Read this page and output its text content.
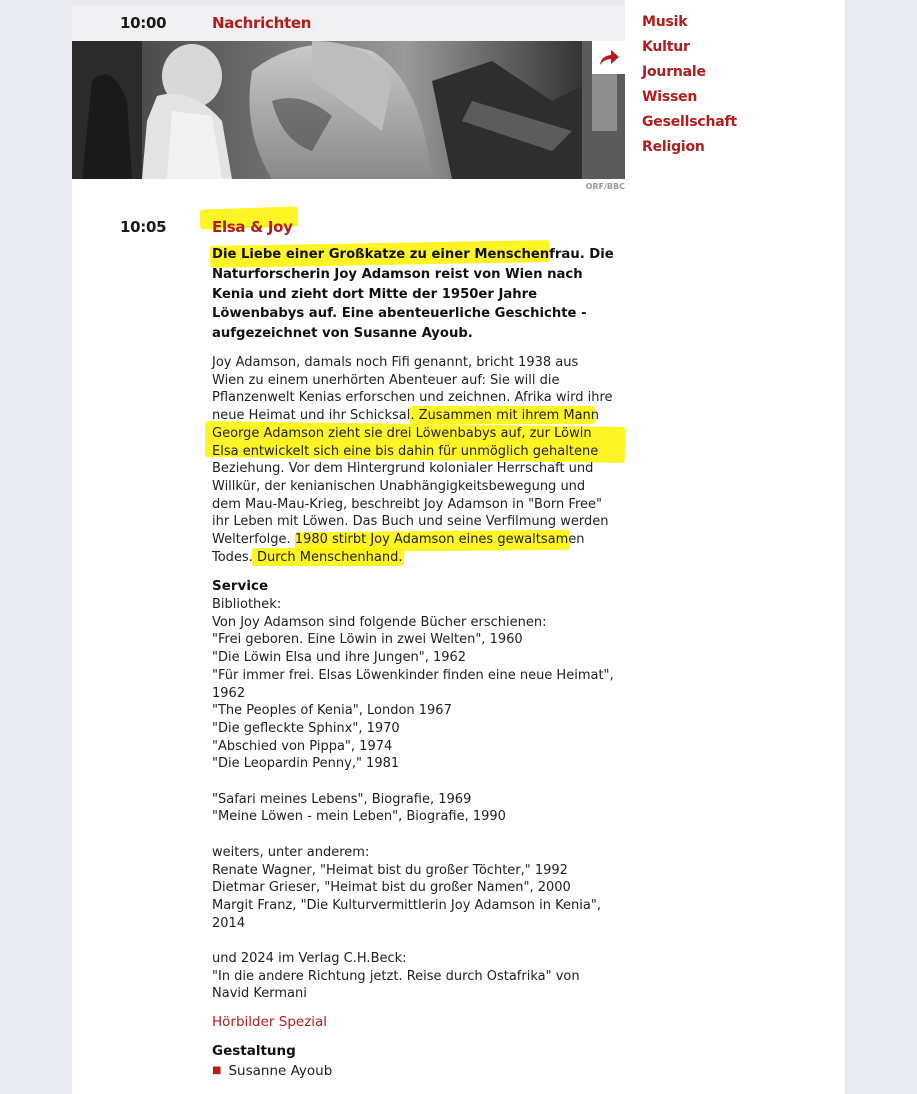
10:00	Nachrichten
ORF/BBC
10:05	Elsa & Joy
Die Liebe einer Großkatze zu einer Menschenfrau. Die Naturforscherin Joy Adamson reist von Wien nach Kenia und zieht dort Mitte der 1950er Jahre Löwenbabys auf. Eine abenteuerliche Geschichte - aufgezeichnet von Susanne Ayoub.
Joy Adamson, damals noch Fifi genannt, bricht 1938 aus
Wien zu einem unerhörten Abenteuer auf: Sie will die
Pflanzenwelt Kenias erforschen und zeichnen. Afrika wird ihre
neue Heimat und ihr Schicksal. Zusammen mit ihrem Mann
George Adamson zieht sie drei Löwenbabys auf, zur Löwin
Elsa entwickelt sich eine bis dahin für unmöglich gehaltene
Beziehung. Vor dem Hintergrund kolonialer Herrschaft und
Willkür, der kenianischen Unabhängigkeitsbewegung und
dem Mau-Mau-Krieg, beschreibt Joy Adamson in "Born Free"
ihr Leben mit Löwen. Das Buch und seine Verfilmung werden
Welterfolge. 1980 stirbt Joy Adamson eines gewaltsamen
Todes. Durch Menschenhand.
Service
Bibliothek:
Von Joy Adamson sind folgende Bücher erschienen:
"Frei geboren. Eine Löwin in zwei Welten", 1960
"Die Löwin Elsa und ihre Jungen", 1962
"Für immer frei. Elsas Löwenkinder finden eine neue Heimat",
1962
"The Peoples of Kenia", London 1967
"Die gefleckte Sphinx", 1970
"Abschied von Pippa", 1974
"Die Leopardin Penny," 1981
"Safari meines Lebens", Biografie, 1969
"Meine Löwen - mein Leben", Biografie, 1990
weiters, unter anderem:
Renate Wagner, "Heimat bist du großer Töchter," 1992
Dietmar Grieser, "Heimat bist du großer Namen", 2000
Margit Franz, "Die Kulturvermittlerin Joy Adamson in Kenia",
2014
und 2024 im Verlag C.H.Beck:
"In die andere Richtung jetzt. Reise durch Ostafrika" von
Navid Kermani
Hörbilder Spezial
Gestaltung
■ Susanne Ayoub
Musik
Kultur
Journale
Wissen
Gesellschaft
Religion
